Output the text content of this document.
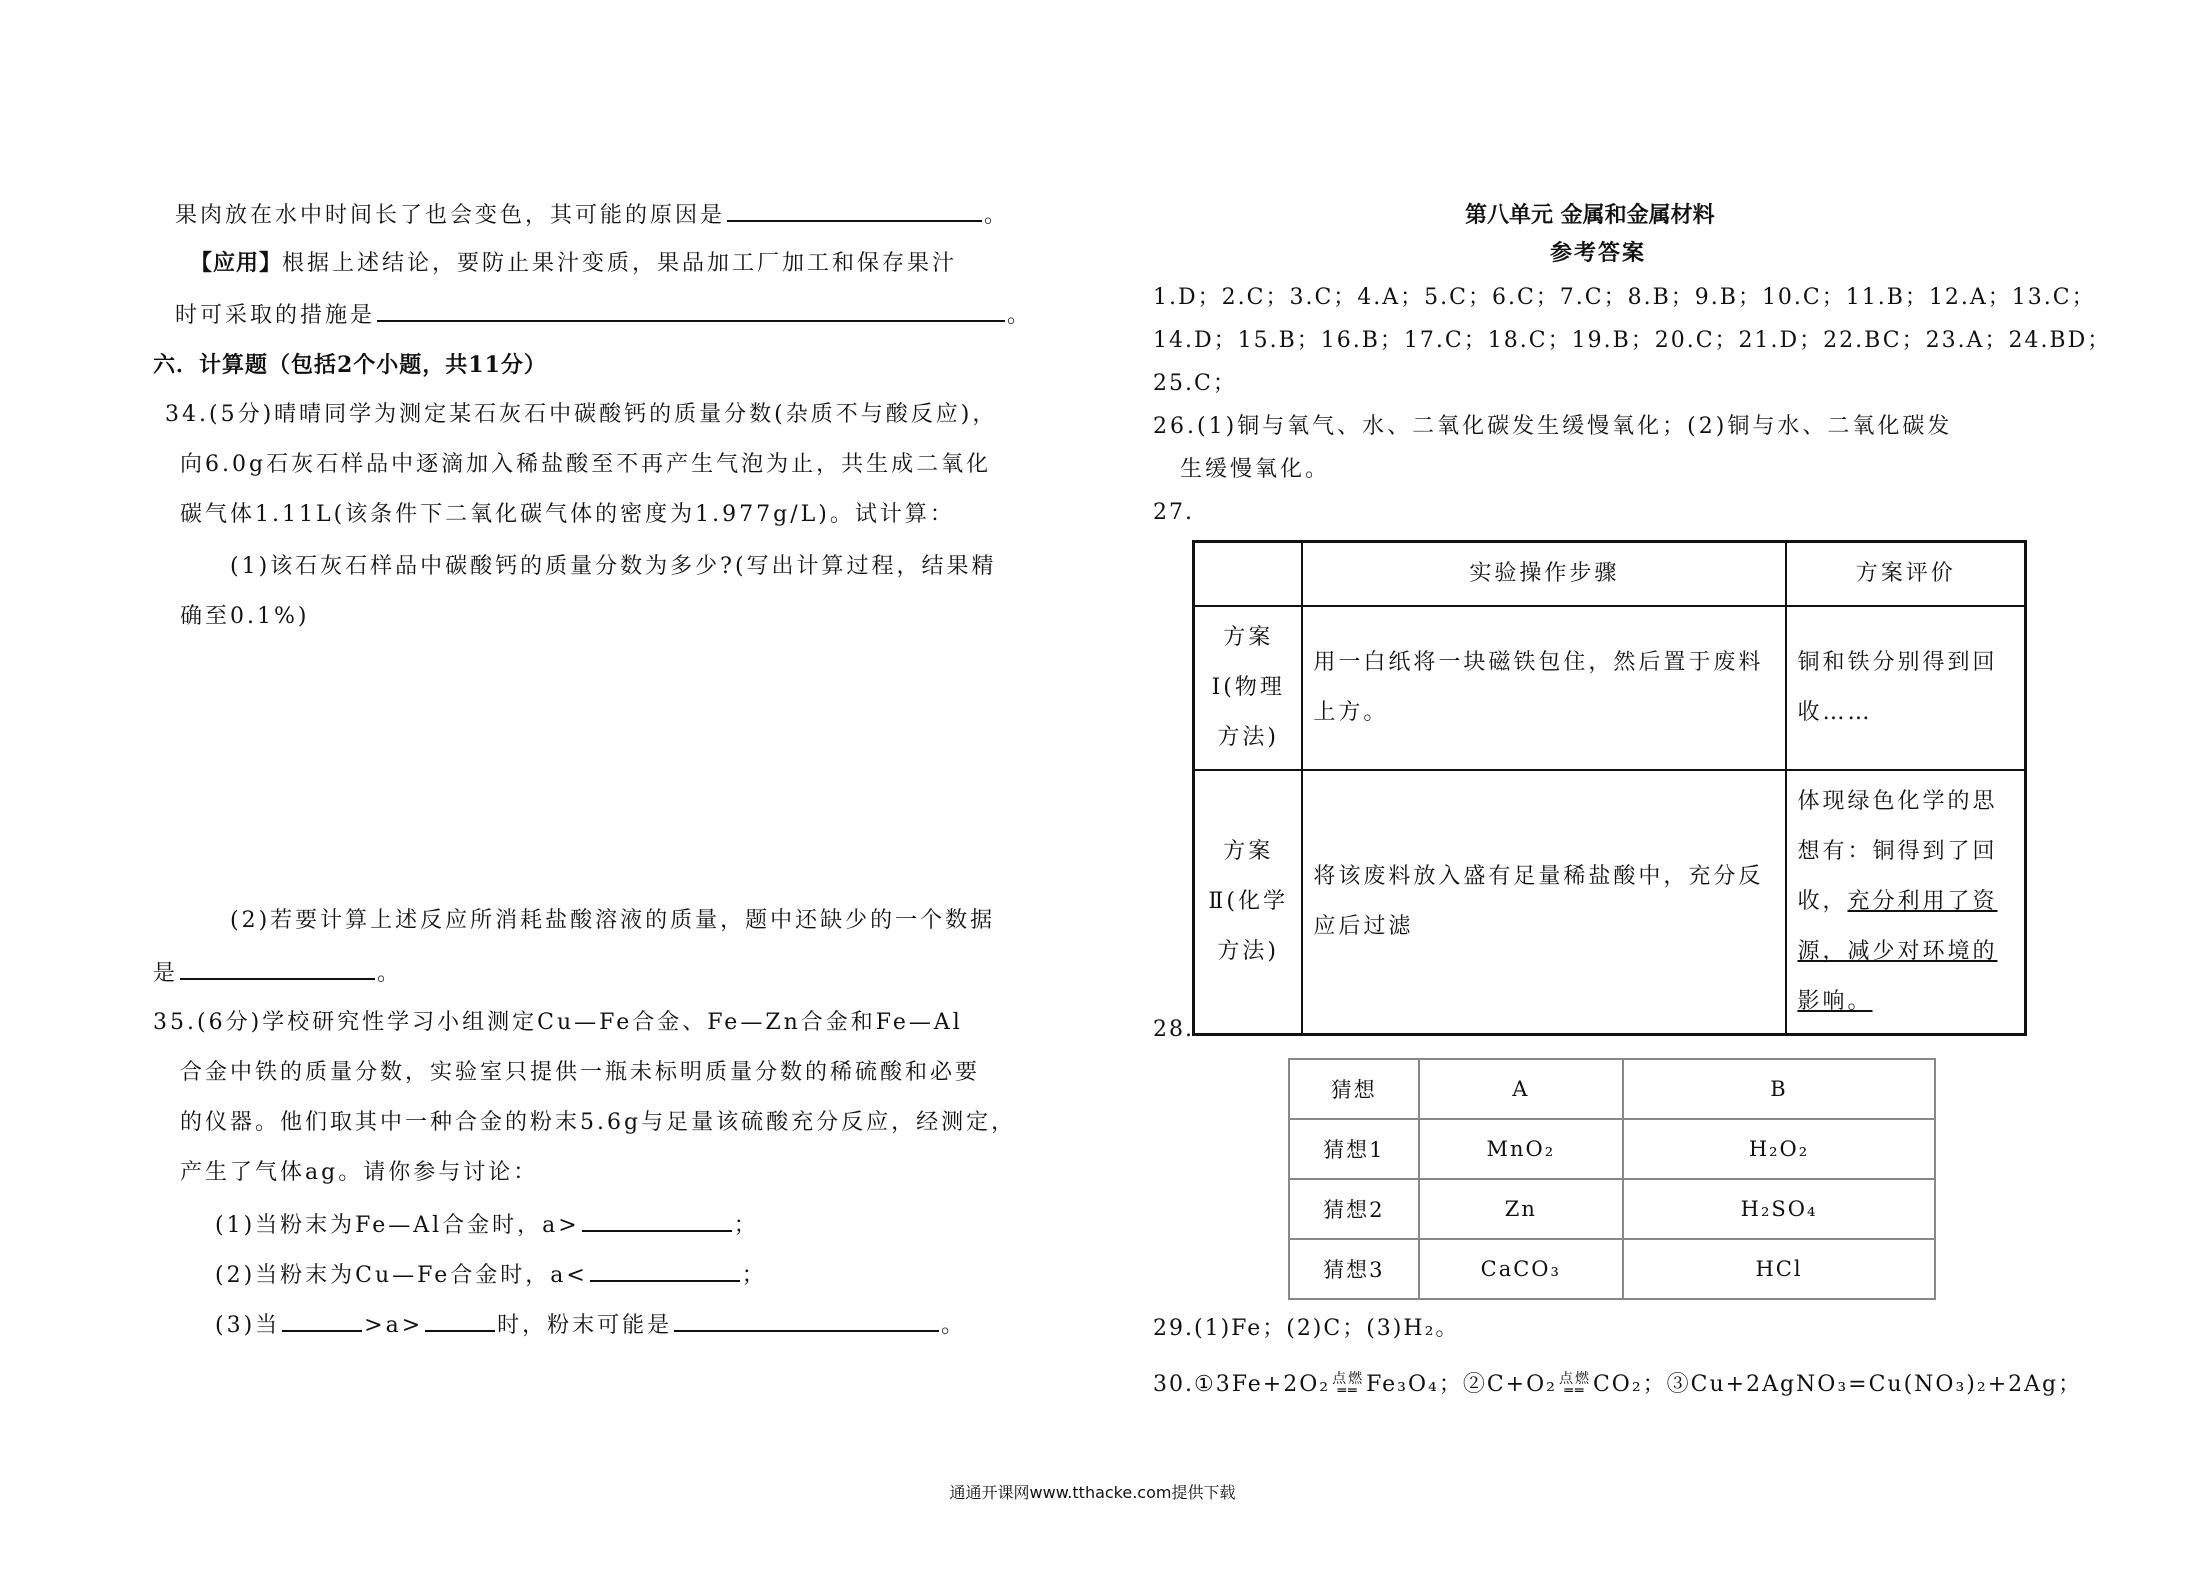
果肉放在水中时间长了也会变色，其可能的原因是	。
【应用】根据上述结论，要防止果汁变质，果品加工厂加工和保存果汁
时可采取的措施是	。
六．计算题（包括2个小题，共11分）
34.(5分)晴晴同学为测定某石灰石中碳酸钙的质量分数(杂质不与酸反应)，
向6.0g石灰石样品中逐滴加入稀盐酸至不再产生气泡为止，共生成二氧化
碳气体1.11L(该条件下二氧化碳气体的密度为1.977g/L)。试计算：
(1)该石灰石样品中碳酸钙的质量分数为多少?(写出计算过程，结果精
确至0.1%)
(2)若要计算上述反应所消耗盐酸溶液的质量，题中还缺少的一个数据
是	。
35.(6分)学校研究性学习小组测定Cu—Fe合金、Fe—Zn合金和Fe—Al
合金中铁的质量分数，实验室只提供一瓶未标明质量分数的稀硫酸和必要
的仪器。他们取其中一种合金的粉末5.6g与足量该硫酸充分反应，经测定，
产生了气体ag。请你参与讨论：
(1)当粉末为Fe—Al合金时，a>	；
(2)当粉末为Cu—Fe合金时，a<	；
(3)当	>a>	时，粉末可能是	。
第八单元 金属和金属材料
参考答案
1.D；2.C；3.C；4.A；5.C；6.C；7.C；8.B；9.B；10.C；11.B；12.A；13.C；
14.D；15.B；16.B；17.C；18.C；19.B；20.C；21.D；22.BC；23.A；24.BD；
25.C；
26.(1)铜与氧气、水、二氧化碳发生缓慢氧化；(2)铜与水、二氧化碳发
生缓慢氧化。
27.
	实验操作步骤	方案评价
方案Ⅰ(物理方法)	用一白纸将一块磁铁包住，然后置于废料上方。	铜和铁分别得到回收……
方案Ⅱ(化学方法)	将该废料放入盛有足量稀盐酸中，充分反应后过滤	体现绿色化学的思想有：铜得到了回收，充分利用了资源，减少对环境的影响。
28.
猜想	A	B
猜想1	MnO₂	H₂O₂
猜想2	Zn	H₂SO₄
猜想3	CaCO₃	HCl
29.(1)Fe；(2)C；(3)H₂。
30.①3Fe+2O₂ 点燃
══ Fe₃O₄；②C+O₂ 点燃
══ CO₂；③Cu+2AgNO₃=Cu(NO₃)₂+2Ag；
通通开课网www.tthacke.com提供下载
